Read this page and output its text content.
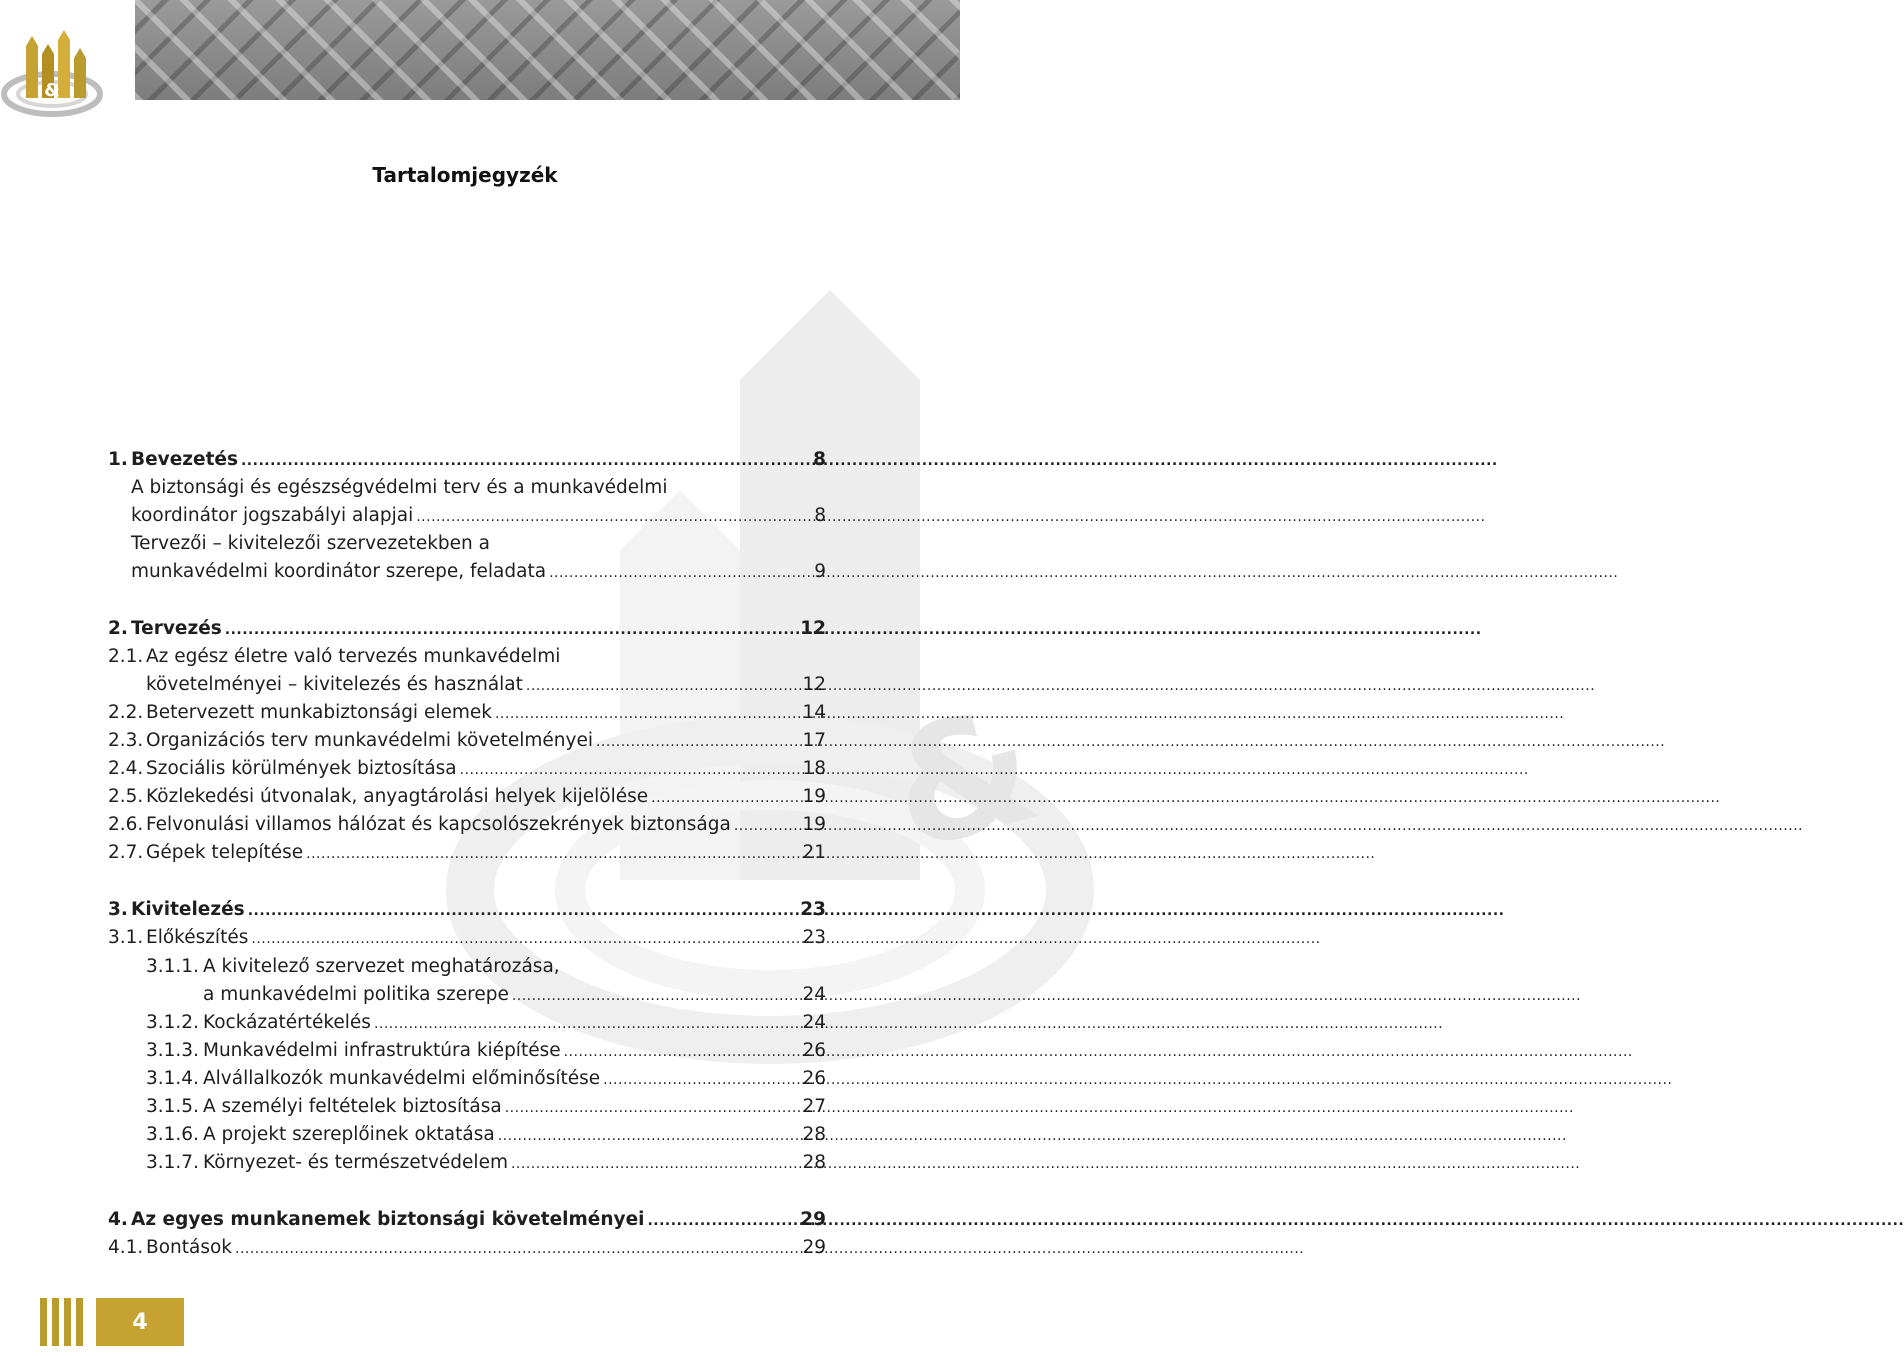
&
&
Tartalomjegyzék
1. Bevezetés .....	8
A biztonsági és egészségvédelmi terv és a munkavédelmi
koordinátor jogszabályi alapjai .....	8
Tervezői – kivitelezői szervezetekben a
munkavédelmi koordinátor szerepe, feladata .....	9
2. Tervezés .....	12
2.1. Az egész életre való tervezés munkavédelmi
követelményei – kivitelezés és használat .....	12
2.2. Betervezett munkabiztonsági elemek .....	14
2.3. Organizációs terv munkavédelmi követelményei .....	17
2.4. Szociális körülmények biztosítása .....	18
2.5. Közlekedési útvonalak, anyagtárolási helyek kijelölése .....	19
2.6. Felvonulási villamos hálózat és kapcsolószekrények biztonsága .....	19
2.7. Gépek telepítése .....	21
3. Kivitelezés .....	23
3.1. Előkészítés .....	23
3.1.1. A kivitelező szervezet meghatározása,
a munkavédelmi politika szerepe .....	24
3.1.2. Kockázatértékelés .....	24
3.1.3. Munkavédelmi infrastruktúra kiépítése .....	26
3.1.4. Alvállalkozók munkavédelmi előminősítése .....	26
3.1.5. A személyi feltételek biztosítása .....	27
3.1.6. A projekt szereplőinek oktatása .....	28
3.1.7. Környezet- és természetvédelem .....	28
4. Az egyes munkanemek biztonsági követelményei .....	29
4.1. Bontások .....	29
4
